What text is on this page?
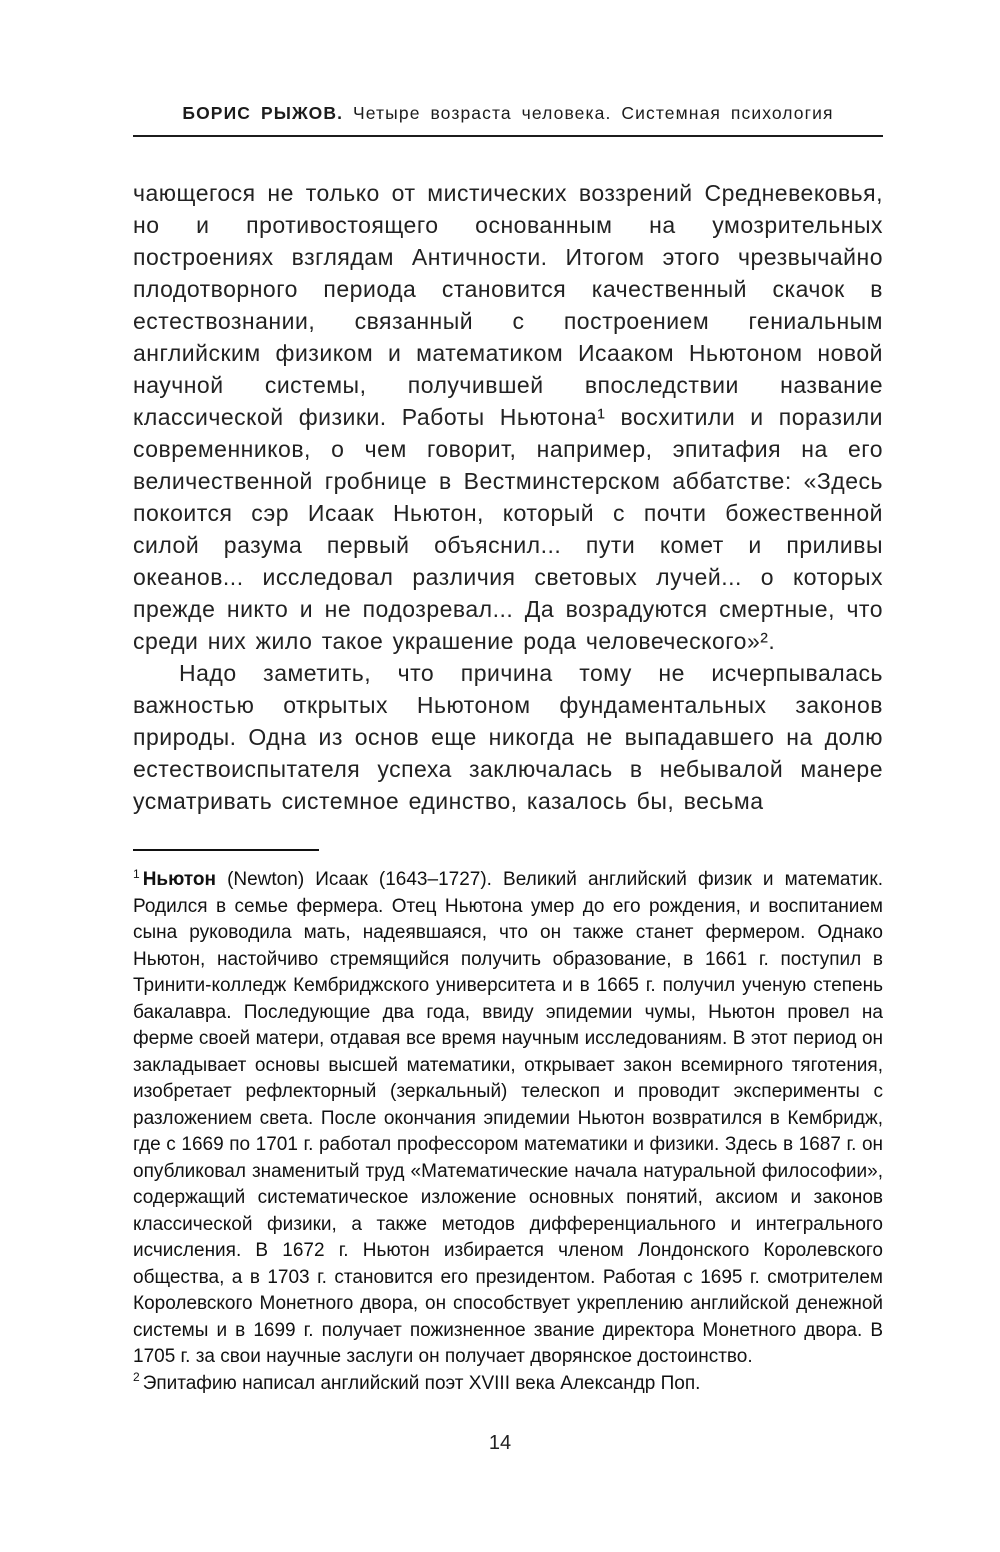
БОРИС РЫЖОВ. Четыре возраста человека. Системная психология

чающегося не только от мистических воззрений Средневековья, но и противостоящего основанным на умозрительных построениях взглядам Античности. Итогом этого чрезвычайно плодотворного периода становится качественный скачок в естествознании, связанный с построением гениальным английским физиком и математиком Исааком Ньютоном новой научной системы, получившей впоследствии название классической физики. Работы Ньютона¹ восхитили и поразили современников, о чем говорит, например, эпитафия на его величественной гробнице в Вестминстерском аббатстве: «Здесь покоится сэр Исаак Ньютон, который с почти божественной силой разума первый объяснил... пути комет и приливы океанов... исследовал различия световых лучей... о которых прежде никто и не подозревал... Да возрадуются смертные, что среди них жило такое украшение рода человеческого»².

Надо заметить, что причина тому не исчерпывалась важностью открытых Ньютоном фундаментальных законов природы. Одна из основ еще никогда не выпадавшего на долю естествоиспытателя успеха заключалась в небывалой манере усматривать системное единство, казалось бы, весьма

$^1$ Ньютон (Newton) Исаак (1643–1727). Великий английский физик и математик. Родился в семье фермера. Отец Ньютона умер до его рождения, и воспитанием сына руководила мать, надеявшаяся, что он также станет фермером. Однако Ньютон, настойчиво стремящийся получить образование, в 1661 г. поступил в Тринити-колледж Кембриджского университета и в 1665 г. получил ученую степень бакалавра. Последующие два года, ввиду эпидемии чумы, Ньютон провел на ферме своей матери, отдавая все время научным исследованиям. В этот период он закладывает основы высшей математики, открывает закон всемирного тяготения, изобретает рефлекторный (зеркальный) телескоп и проводит эксперименты с разложением света. После окончания эпидемии Ньютон возвратился в Кембридж, где с 1669 по 1701 г. работал профессором математики и физики. Здесь в 1687 г. он опубликовал знаменитый труд «Математические начала натуральной философии», содержащий систематическое изложение основных понятий, аксиом и законов классической физики, а также методов дифференциального и интегрального исчисления. В 1672 г. Ньютон избирается членом Лондонского Королевского общества, а в 1703 г. становится его президентом. Работая с 1695 г. смотрителем Королевского Монетного двора, он способствует укреплению английской денежной системы и в 1699 г. получает пожизненное звание директора Монетного двора. В 1705 г. за свои научные заслуги он получает дворянское достоинство.

$^2$ Эпитафию написал английский поэт XVIII века Александр Поп.

14
